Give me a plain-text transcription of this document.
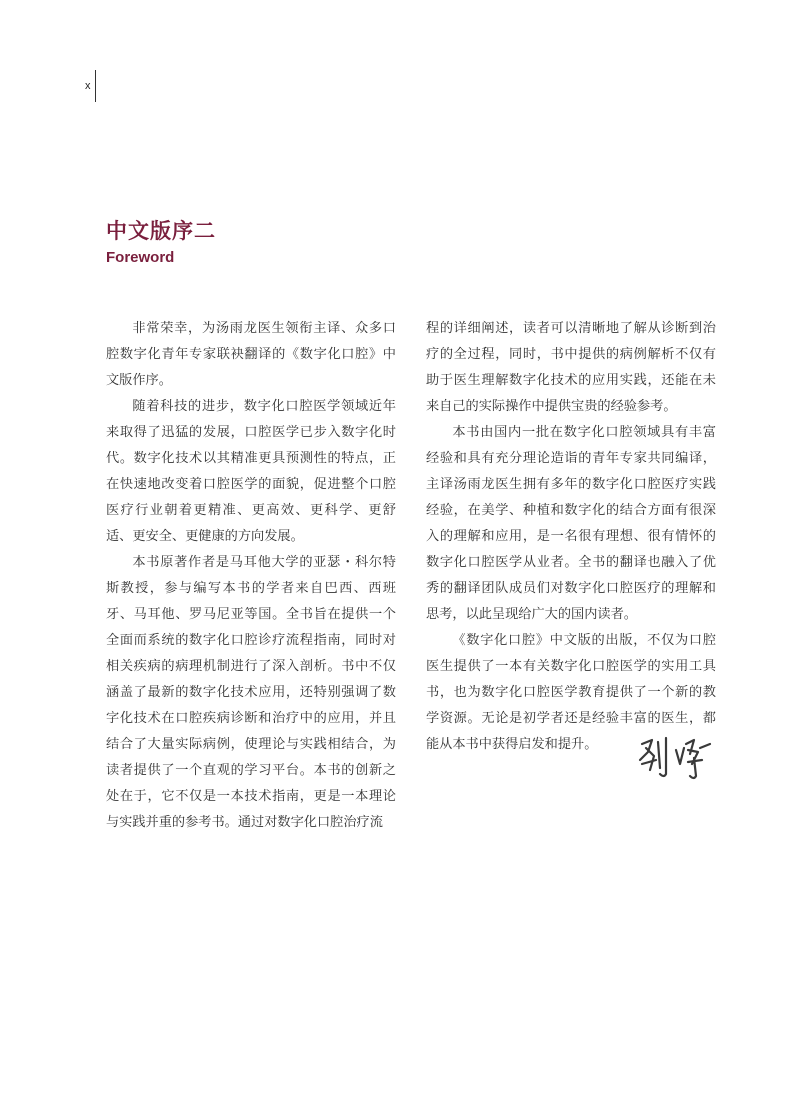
x
中文版序二
Foreword

非常荣幸，为汤雨龙医生领衔主译、众多口腔数字化青年专家联袂翻译的《数字化口腔》中文版作序。

随着科技的进步，数字化口腔医学领域近年来取得了迅猛的发展，口腔医学已步入数字化时代。数字化技术以其精准更具预测性的特点，正在快速地改变着口腔医学的面貌，促进整个口腔医疗行业朝着更精准、更高效、更科学、更舒适、更安全、更健康的方向发展。

本书原著作者是马耳他大学的亚瑟・科尔特斯教授，参与编写本书的学者来自巴西、西班牙、马耳他、罗马尼亚等国。全书旨在提供一个全面而系统的数字化口腔诊疗流程指南，同时对相关疾病的病理机制进行了深入剖析。书中不仅涵盖了最新的数字化技术应用，还特别强调了数字化技术在口腔疾病诊断和治疗中的应用，并且结合了大量实际病例，使理论与实践相结合，为读者提供了一个直观的学习平台。本书的创新之处在于，它不仅是一本技术指南，更是一本理论与实践并重的参考书。通过对数字化口腔治疗流

程的详细阐述，读者可以清晰地了解从诊断到治疗的全过程，同时，书中提供的病例解析不仅有助于医生理解数字化技术的应用实践，还能在未来自己的实际操作中提供宝贵的经验参考。

本书由国内一批在数字化口腔领域具有丰富经验和具有充分理论造诣的青年专家共同编译，主译汤雨龙医生拥有多年的数字化口腔医疗实践经验，在美学、种植和数字化的结合方面有很深入的理解和应用，是一名很有理想、很有情怀的数字化口腔医学从业者。全书的翻译也融入了优秀的翻译团队成员们对数字化口腔医疗的理解和思考，以此呈现给广大的国内读者。

《数字化口腔》中文版的出版，不仅为口腔医生提供了一本有关数字化口腔医学的实用工具书，也为数字化口腔医学教育提供了一个新的教学资源。无论是初学者还是经验丰富的医生，都能从本书中获得启发和提升。
